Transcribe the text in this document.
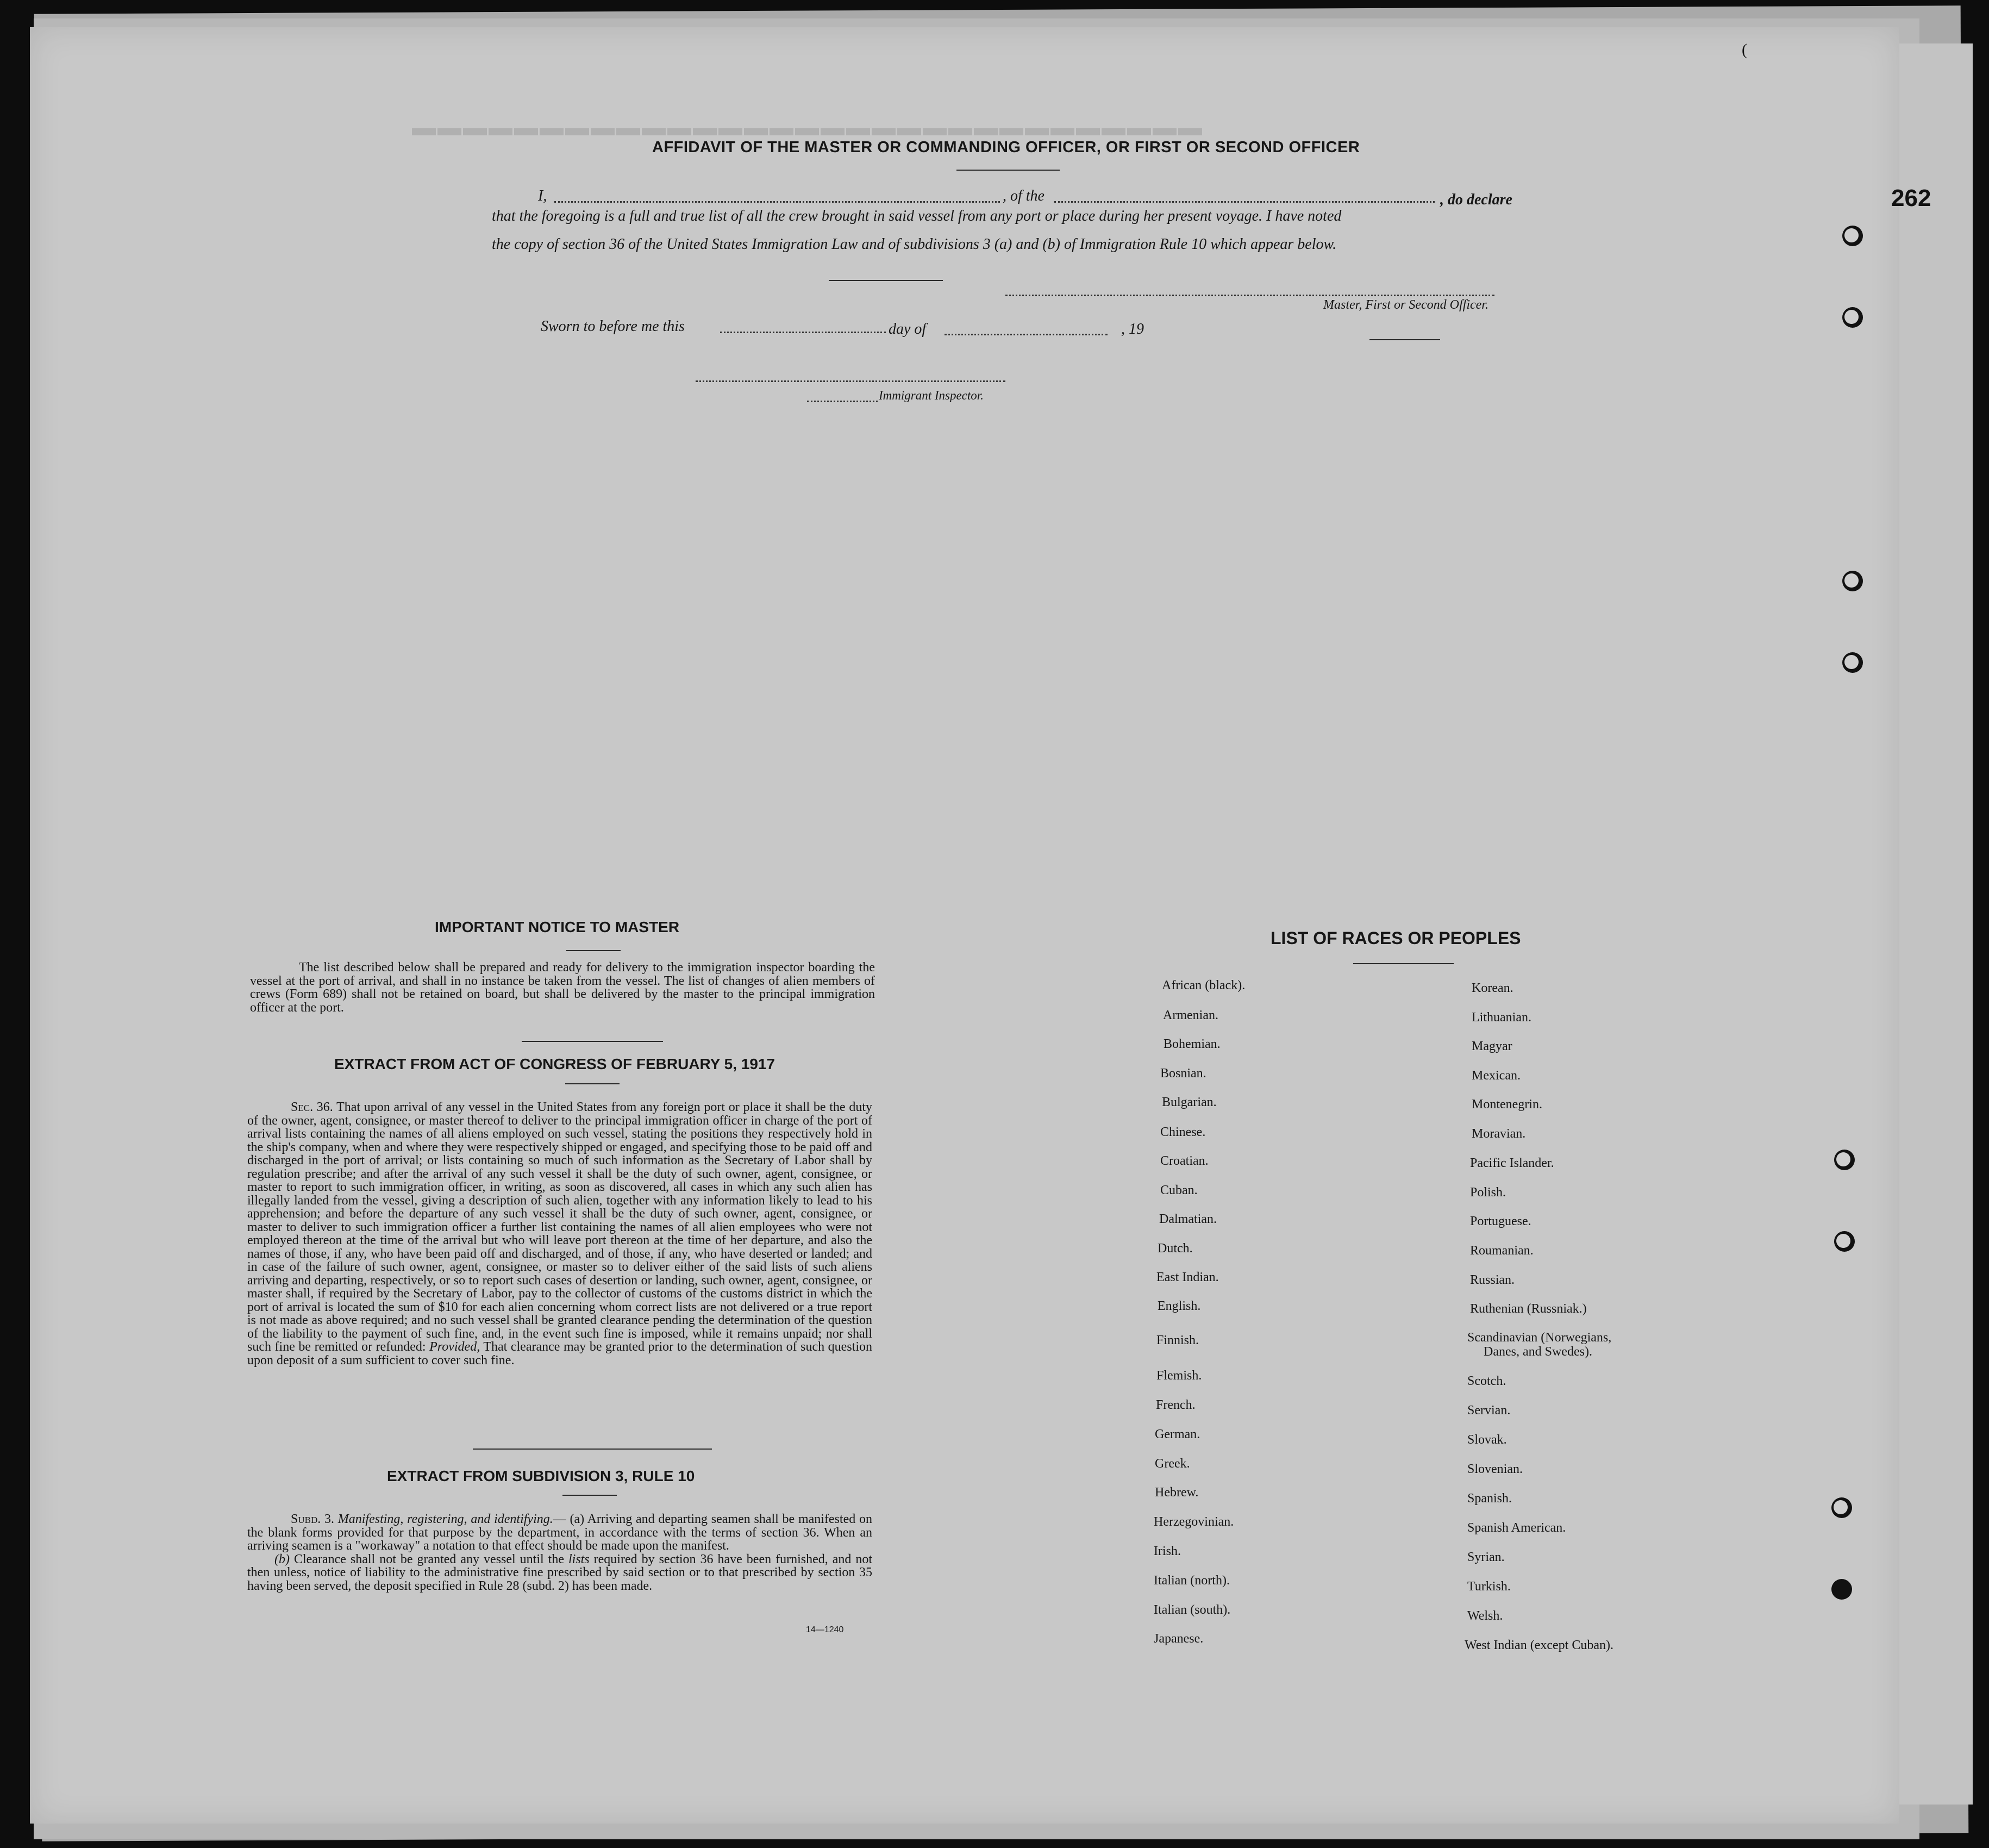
▬▬▬▬▬▬▬▬▬▬▬▬▬▬▬▬▬▬▬▬▬▬▬▬▬▬▬▬▬▬▬
AFFIDAVIT OF THE MASTER OR COMMANDING OFFICER, OR FIRST OR SECOND OFFICER
I,	, of the	, do declare
that the foregoing is a full and true list of all the crew brought in said vessel from any port or place during her present voyage. I have noted
the copy of section 36 of the United States Immigration Law and of subdivisions 3 (a) and (b) of Immigration Rule 10 which appear below.
Master, First or Second Officer.
Sworn to before me this	day of	, 19
Immigrant Inspector.
IMPORTANT NOTICE TO MASTER
The list described below shall be prepared and ready for delivery to the immigration inspector boarding the vessel at the port of arrival, and shall in no instance be taken from the vessel. The list of changes of alien members of crews (Form 689) shall not be retained on board, but shall be delivered by the master to the principal immigration officer at the port.
EXTRACT FROM ACT OF CONGRESS OF FEBRUARY 5, 1917
Sec. 36. That upon arrival of any vessel in the United States from any foreign port or place it shall be the duty of the owner, agent, consignee, or master thereof to deliver to the principal immigration officer in charge of the port of arrival lists containing the names of all aliens employed on such vessel, stating the positions they respectively hold in the ship's company, when and where they were respectively shipped or engaged, and specifying those to be paid off and discharged in the port of arrival; or lists containing so much of such information as the Secretary of Labor shall by regulation prescribe; and after the arrival of any such vessel it shall be the duty of such owner, agent, consignee, or master to report to such immigration officer, in writing, as soon as discovered, all cases in which any such alien has illegally landed from the vessel, giving a description of such alien, together with any information likely to lead to his apprehension; and before the departure of any such vessel it shall be the duty of such owner, agent, consignee, or master to deliver to such immigration officer a further list containing the names of all alien employees who were not employed thereon at the time of the arrival but who will leave port thereon at the time of her departure, and also the names of those, if any, who have been paid off and discharged, and of those, if any, who have deserted or landed; and in case of the failure of such owner, agent, consignee, or master so to deliver either of the said lists of such aliens arriving and departing, respectively, or so to report such cases of desertion or landing, such owner, agent, consignee, or master shall, if required by the Secretary of Labor, pay to the collector of customs of the customs district in which the port of arrival is located the sum of $10 for each alien concerning whom correct lists are not delivered or a true report is not made as above required; and no such vessel shall be granted clearance pending the determination of the question of the liability to the payment of such fine, and, in the event such fine is imposed, while it remains unpaid; nor shall such fine be remitted or refunded: Provided, That clearance may be granted prior to the determination of such question upon deposit of a sum sufficient to cover such fine.
EXTRACT FROM SUBDIVISION 3, RULE 10
Subd. 3. Manifesting, registering, and identifying.— (a) Arriving and departing seamen shall be manifested on the blank forms provided for that purpose by the department, in accordance with the terms of section 36. When an arriving seamen is a "workaway" a notation to that effect should be made upon the manifest.
(b) Clearance shall not be granted any vessel until the lists required by section 36 have been furnished, and not then unless, notice of liability to the administrative fine prescribed by said section or to that prescribed by section 35 having been served, the deposit specified in Rule 28 (subd. 2) has been made.
14—1240
LIST OF RACES OR PEOPLES
African (black).
Armenian.
Bohemian.
Bosnian.
Bulgarian.
Chinese.
Croatian.
Cuban.
Dalmatian.
Dutch.
East Indian.
English.
Finnish.
Flemish.
French.
German.
Greek.
Hebrew.
Herzegovinian.
Irish.
Italian (north).
Italian (south).
Japanese.
Korean.
Lithuanian.
Magyar
Mexican.
Montenegrin.
Moravian.
Pacific Islander.
Polish.
Portuguese.
Roumanian.
Russian.
Ruthenian (Russniak.)
Scandinavian (Norwegians,
Danes, and Swedes).
Scotch.
Servian.
Slovak.
Slovenian.
Spanish.
Spanish American.
Syrian.
Turkish.
Welsh.
West Indian (except Cuban).
262
(
